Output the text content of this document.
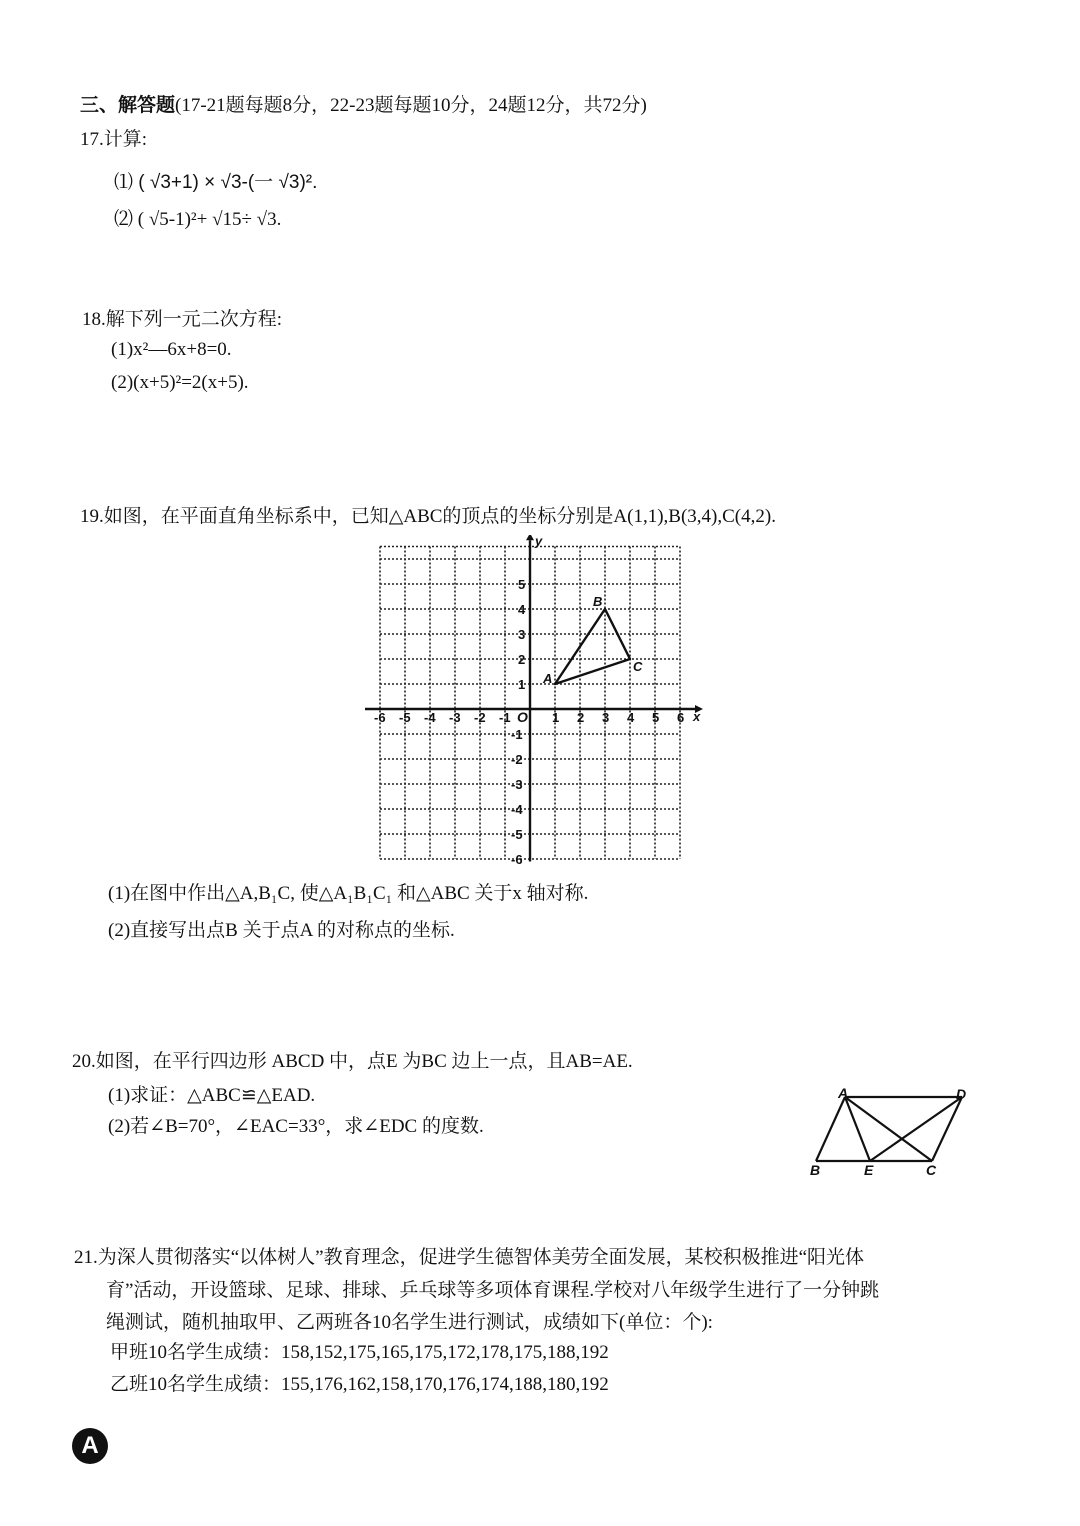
三、解答题(17-21题每题8分，22-23题每题10分，24题12分，共72分)
17.计算:
⑴ ( √3+1) × √3-(一 √3)².
⑵ ( √5-1)²+ √15÷ √3.
18.解下列一元二次方程:
(1)x²—6x+8=0.
(2)(x+5)²=2(x+5).
19.如图，在平面直角坐标系中，已知△ABC的顶点的坐标分别是A(1,1),B(3,4),C(4,2).
-6 -5 -4 -3 -2 -1	1 2 3 4 5 6
5
4
3
2
1
-1
-2
-3
-4
-5
-6
O	x
y
A
B
C
(1)在图中作出△A,B₁C, 使△A₁B₁C₁ 和△ABC 关于x 轴对称.
(2)直接写出点B 关于点A 的对称点的坐标.
20.如图，在平行四边形 ABCD 中，点E 为BC 边上一点，且AB=AE.
(1)求证：△ABC≌△EAD.
(2)若∠B=70°，∠EAC=33°，求∠EDC 的度数.
A	D
B	E	C
21.为深人贯彻落实“以体树人”教育理念，促进学生德智体美劳全面发展，某校积极推进“阳光体
育”活动，开设篮球、足球、排球、乒乓球等多项体育课程.学校对八年级学生进行了一分钟跳
绳测试，随机抽取甲、乙两班各10名学生进行测试，成绩如下(单位：个):
甲班10名学生成绩：158,152,175,165,175,172,178,175,188,192
乙班10名学生成绩：155,176,162,158,170,176,174,188,180,192
A
